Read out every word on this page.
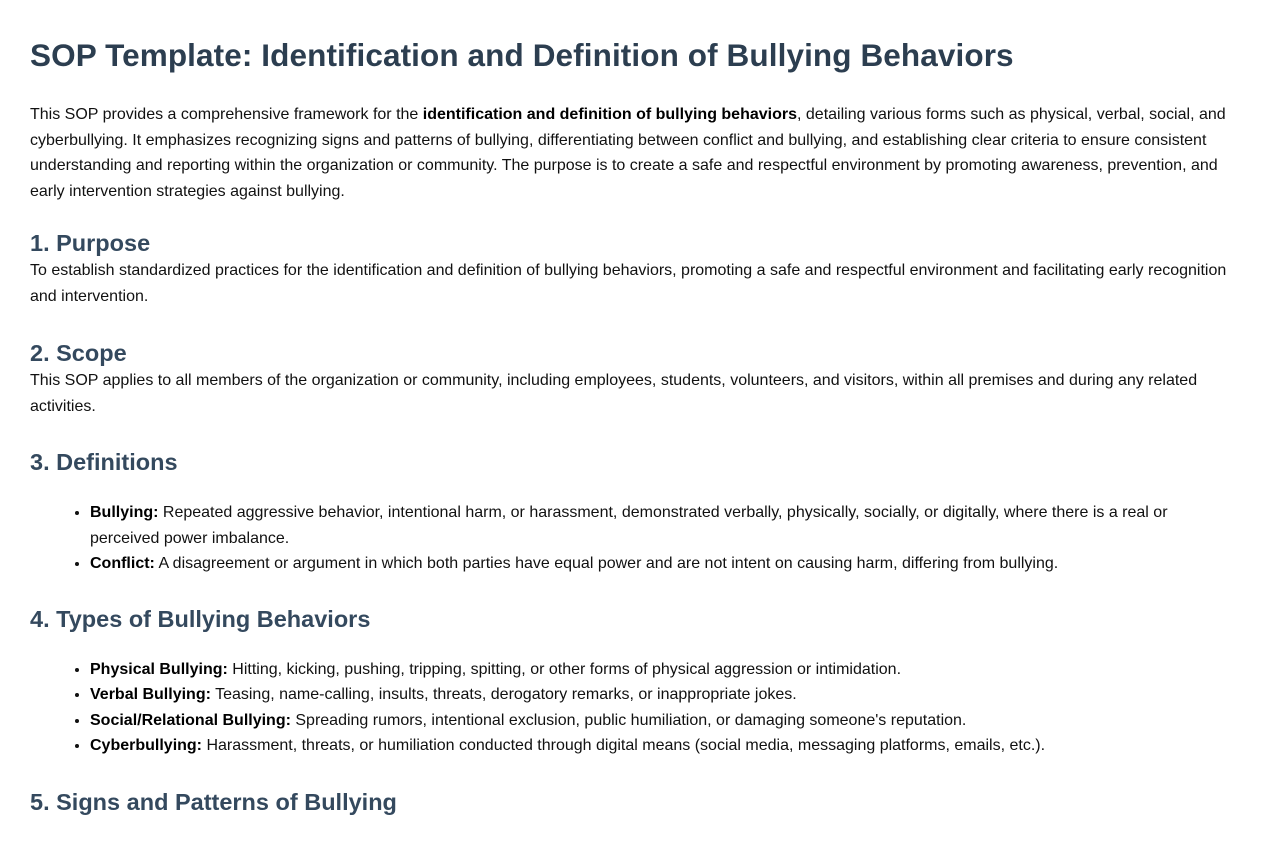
SOP Template: Identification and Definition of Bullying Behaviors

This SOP provides a comprehensive framework for the identification and definition of bullying behaviors, detailing various forms such as physical, verbal, social, and cyberbullying. It emphasizes recognizing signs and patterns of bullying, differentiating between conflict and bullying, and establishing clear criteria to ensure consistent understanding and reporting within the organization or community. The purpose is to create a safe and respectful environment by promoting awareness, prevention, and early intervention strategies against bullying.

1. Purpose

To establish standardized practices for the identification and definition of bullying behaviors, promoting a safe and respectful environment and facilitating early recognition and intervention.

2. Scope

This SOP applies to all members of the organization or community, including employees, students, volunteers, and visitors, within all premises and during any related activities.

3. Definitions
• Bullying: Repeated aggressive behavior, intentional harm, or harassment, demonstrated verbally, physically, socially, or digitally, where there is a real or perceived power imbalance.
• Conflict: A disagreement or argument in which both parties have equal power and are not intent on causing harm, differing from bullying.
4. Types of Bullying Behaviors
• Physical Bullying: Hitting, kicking, pushing, tripping, spitting, or other forms of physical aggression or intimidation.
• Verbal Bullying: Teasing, name-calling, insults, threats, derogatory remarks, or inappropriate jokes.
• Social/Relational Bullying: Spreading rumors, intentional exclusion, public humiliation, or damaging someone's reputation.
• Cyberbullying: Harassment, threats, or humiliation conducted through digital means (social media, messaging platforms, emails, etc.).
5. Signs and Patterns of Bullying
